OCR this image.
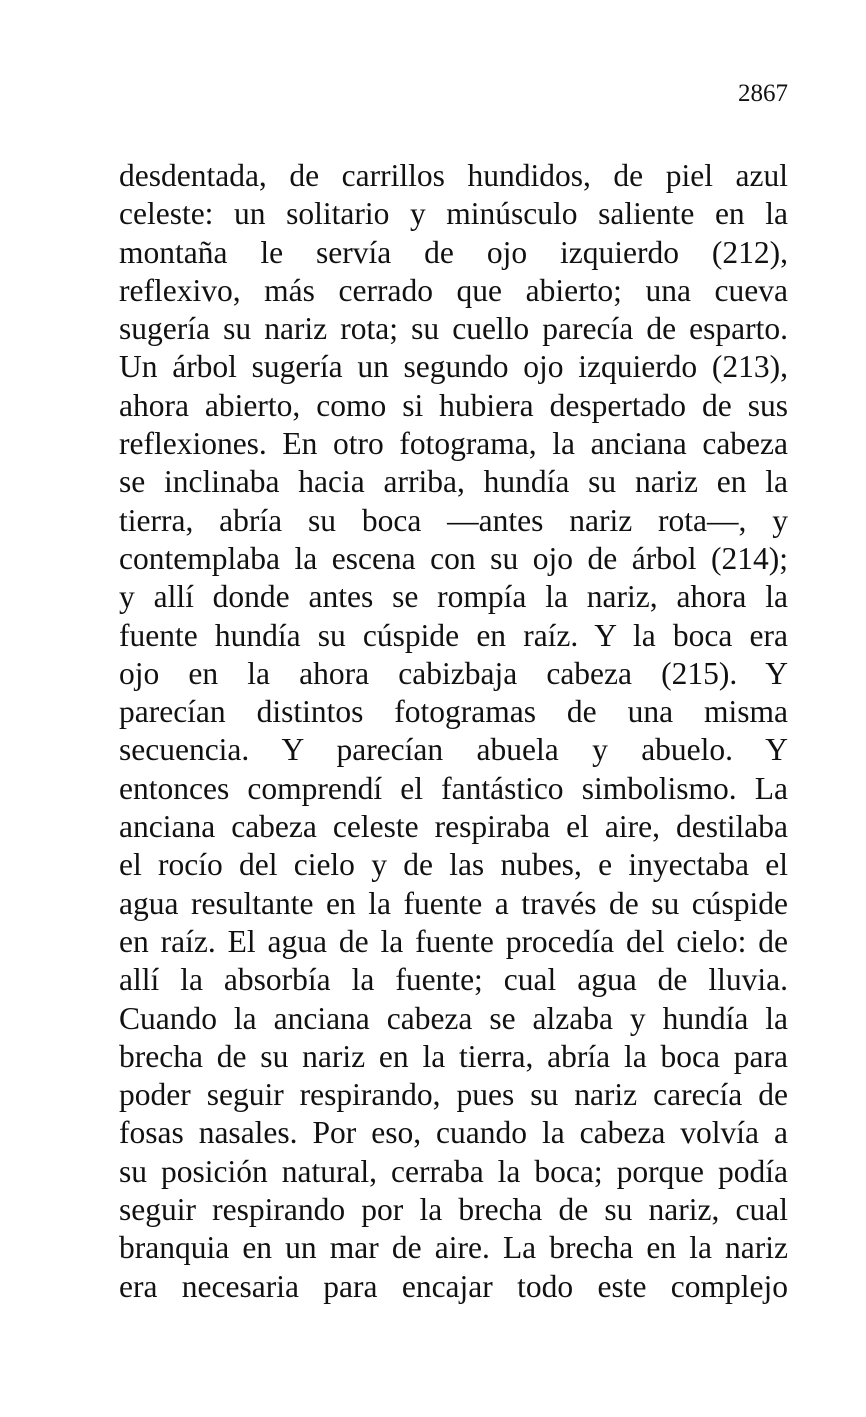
2867
desdentada, de carrillos hundidos, de piel azul
celeste: un solitario y minúsculo saliente en la
montaña le servía de ojo izquierdo (212),
reflexivo, más cerrado que abierto; una cueva
sugería su nariz rota; su cuello parecía de esparto.
Un árbol sugería un segundo ojo izquierdo (213),
ahora abierto, como si hubiera despertado de sus
reflexiones. En otro fotograma, la anciana cabeza
se inclinaba hacia arriba, hundía su nariz en la
tierra, abría su boca —antes nariz rota—, y
contemplaba la escena con su ojo de árbol (214);
y allí donde antes se rompía la nariz, ahora la
fuente hundía su cúspide en raíz. Y la boca era
ojo en la ahora cabizbaja cabeza (215). Y
parecían distintos fotogramas de una misma
secuencia. Y parecían abuela y abuelo. Y
entonces comprendí el fantástico simbolismo. La
anciana cabeza celeste respiraba el aire, destilaba
el rocío del cielo y de las nubes, e inyectaba el
agua resultante en la fuente a través de su cúspide
en raíz. El agua de la fuente procedía del cielo: de
allí la absorbía la fuente; cual agua de lluvia.
Cuando la anciana cabeza se alzaba y hundía la
brecha de su nariz en la tierra, abría la boca para
poder seguir respirando, pues su nariz carecía de
fosas nasales. Por eso, cuando la cabeza volvía a
su posición natural, cerraba la boca; porque podía
seguir respirando por la brecha de su nariz, cual
branquia en un mar de aire. La brecha en la nariz
era necesaria para encajar todo este complejo
